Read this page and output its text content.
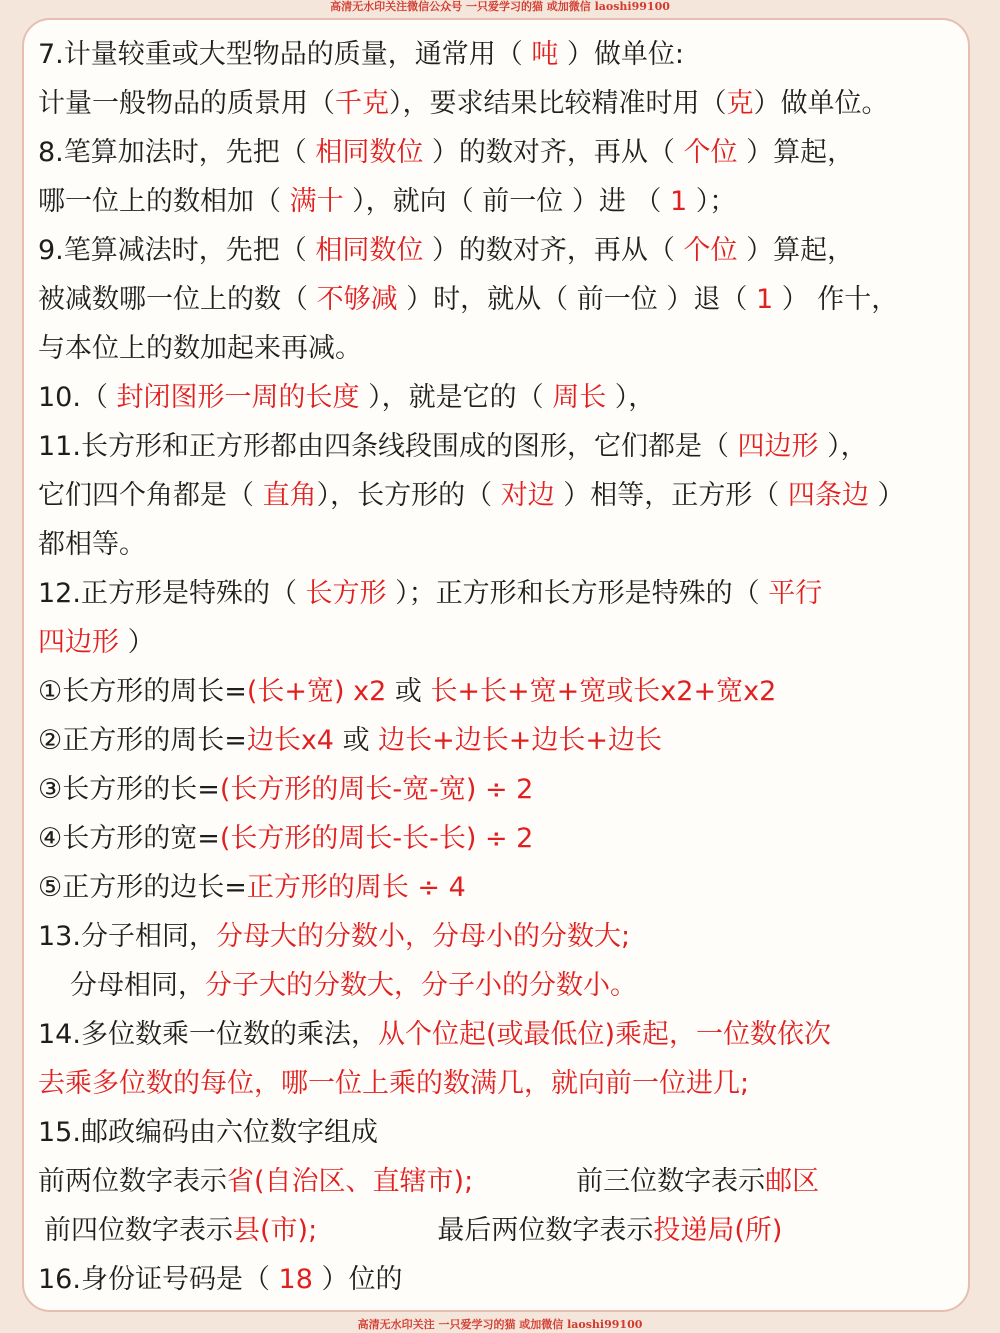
高清无水印关注微信公众号 一只爱学习的猫 或加微信 laoshi99100
7.计量较重或大型物品的质量，通常用（ 吨 ）做单位:
计量一般物品的质景用（千克），要求结果比较精准时用（克）做单位。
8.笔算加法时，先把（ 相同数位 ）的数对齐，再从（ 个位 ）算起，
哪一位上的数相加（ 满十 ），就向（ 前一位 ）进 （ 1 ）；
9.笔算减法时，先把（ 相同数位 ）的数对齐，再从（ 个位 ）算起，
被减数哪一位上的数（ 不够减 ）时，就从（ 前一位 ）退（ 1 ） 作十，
与本位上的数加起来再减。
10.（ 封闭图形一周的长度 ），就是它的（ 周长 ），
11.长方形和正方形都由四条线段围成的图形，它们都是（ 四边形 ），
它们四个角都是（ 直角），长方形的（ 对边 ）相等，正方形（ 四条边 ）
都相等。
12.正方形是特殊的（ 长方形 ）；正方形和长方形是特殊的（ 平行
四边形 ）
①长方形的周长=(长+宽) x2 或 长+长+宽+宽或长x2+宽x2
②正方形的周长=边长x4 或 边长+边长+边长+边长
③长方形的长=(长方形的周长-宽-宽) ÷ 2
④长方形的宽=(长方形的周长-长-长) ÷ 2
⑤正方形的边长=正方形的周长 ÷ 4
13.分子相同，分母大的分数小，分母小的分数大;
分母相同，分子大的分数大，分子小的分数小。
14.多位数乘一位数的乘法，从个位起(或最低位)乘起，一位数依次
去乘多位数的每位，哪一位上乘的数满几，就向前一位进几;
15.邮政编码由六位数字组成
前两位数字表示省(自治区、直辖市);            前三位数字表示邮区
前四位数字表示县(市);              最后两位数字表示投递局(所)
16.身份证号码是（ 18 ）位的
高清无水印关注 一只爱学习的猫 或加微信 laoshi99100
